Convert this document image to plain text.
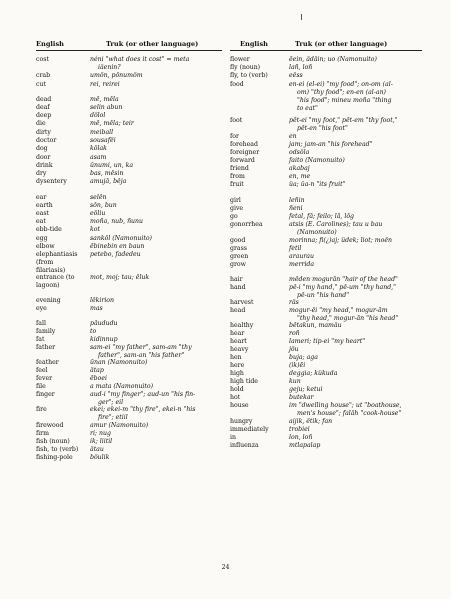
English	Truk (or other language)	English	Truk (or other language)
cost	néni "what does it cost" = meta
iäenin?
crab	umön, pönumöm
cut	rei, reirei
dead	mē, mēla
deaf	selin abun
deep	dölol
die	mē, mēla; teir
dirty	meiball
doctor	sousafëi
dog	kölak
door	asam
drink	ūnumi, un, ka
dry	bas, mēsin
dysentery	amujā, bēja
ear	selēn
earth	sōn, bun
east	eöliu
eat	moña, nub, ñunu
ebb-tide	kot
egg	sanköl (Namonuito)
elbow	ēbinebin en baun
elephantiasis petebo, fadedeu
(from
filariasis)
entrance (to	mot, moj; tau; ēluk
lagoon)
evening	lēkirion
eye	mas
fall	pāududu
family	to
fat	kidinnup
father	sam-ei "my father", sam-am "thy
father", sam-an "his father"
feather	ūnan (Namonuito)
feel	ätap
fever	ēboei
file	a mata (Namonuito)
finger	aud-i "my finger"; aud-un "his fin-
ger"; eil
fire	ekei; ekei-m "thy fire", ekei-n "his
fire"; etiil
firewood	amur (Namonuito)
firm	ri; nug
fish (noun)	ik; liitil
fish, to (verb) ätau
fishing-pole	böulik
flower	ēein, ädäin; uo (Namonuito)
fly (noun)	lañ, loñ
fly, to (verb)	eëss
food	en-ei (el-ei) "my food"; on-om (al-
om) "thy food"; en-en (al-an)
"his food"; mineu moña "thing
to eat"
foot	pēt-ei "my foot," pēt-em "thy foot,"
pēt-en "his foot"
for	en
forehead	jam; jam-an "his forehead"
foreigner	odsöla
forward	faito (Namonuito)
friend	akabaj
from	en, me
fruit	üa; üa-n "its fruit"
girl	leñin
give	ñeni
go	fetal, fā; feilo; lā, lōg
gonorrhea	atsis (E. Carolines); tau u bau
(Namonuito)
good	morinna; fi(¿)aj; üdek; liot; moën
grass	fetil
green	araurau
grow	merrida
hair	mēden mogurān "hair of the head"
hand	pē-i "my hand," pē-um "thy hand,"
pē-un "his hand"
harvest	räs
head	mogur-ëi "my head," mogur-ām
"thy head," mogur-ān "his head"
healthy	bētakun, mamäu
hear	roñ
heart	lameri; tip-ei "my heart"
heavy	jöu
hen	buja; aga
here	(ik)ēi
high	deggia; kükuda
high tide	kun
hold	geju; ketui
hot	butekar
house	im "dwelling house"; ut "boathouse,
men's house"; faläh "cook-house"
hungry	aijik, ëtik; fan
immediately	trobiei
in	lon, loñ
influenza	mtlapalap
24
